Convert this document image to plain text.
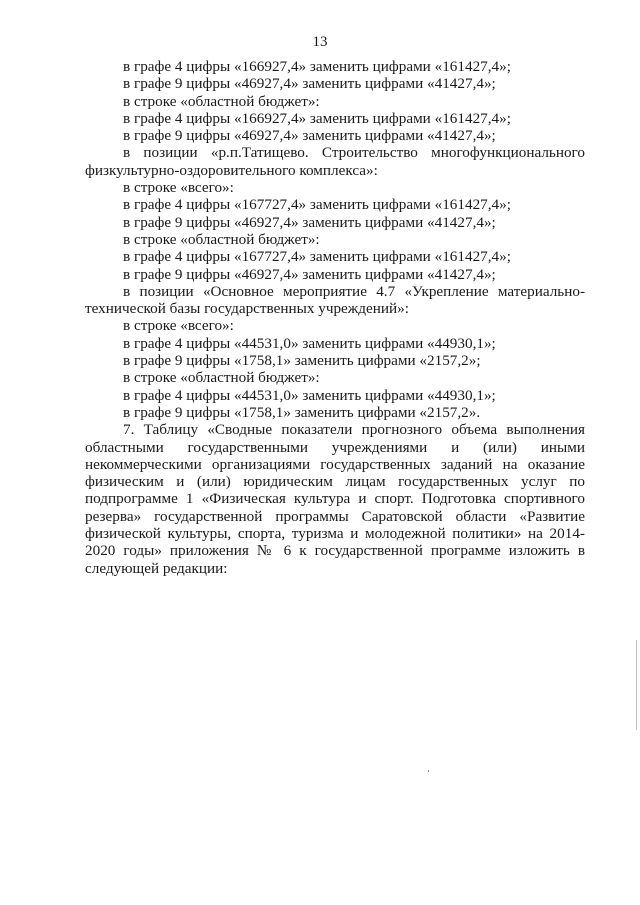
13

в графе 4 цифры «166927,4» заменить цифрами «161427,4»;

в графе 9 цифры «46927,4» заменить цифрами «41427,4»;

в строке «областной бюджет»:

в графе 4 цифры «166927,4» заменить цифрами «161427,4»;

в графе 9 цифры «46927,4» заменить цифрами «41427,4»;

в позиции «р.п.Татищево. Строительство многофункционального физкультурно-оздоровительного комплекса»:

в строке «всего»:

в графе 4 цифры «167727,4» заменить цифрами «161427,4»;

в графе 9 цифры «46927,4» заменить цифрами «41427,4»;

в строке «областной бюджет»:

в графе 4 цифры «167727,4» заменить цифрами «161427,4»;

в графе 9 цифры «46927,4» заменить цифрами «41427,4»;

в позиции «Основное мероприятие 4.7 «Укрепление материально-технической базы государственных учреждений»:

в строке «всего»:

в графе 4 цифры «44531,0» заменить цифрами «44930,1»;

в графе 9 цифры «1758,1» заменить цифрами «2157,2»;

в строке «областной бюджет»:

в графе 4 цифры «44531,0» заменить цифрами «44930,1»;

в графе 9 цифры «1758,1» заменить цифрами «2157,2».

7. Таблицу «Сводные показатели прогнозного объема выполнения областными государственными учреждениями и (или) иными некоммерческими организациями государственных заданий на оказание физическим и (или) юридическим лицам государственных услуг по подпрограмме 1 «Физическая культура и спорт. Подготовка спортивного резерва» государственной программы Саратовской области «Развитие физической культуры, спорта, туризма и молодежной политики» на 2014-2020 годы» приложения № 6 к государственной программе изложить в следующей редакции:
